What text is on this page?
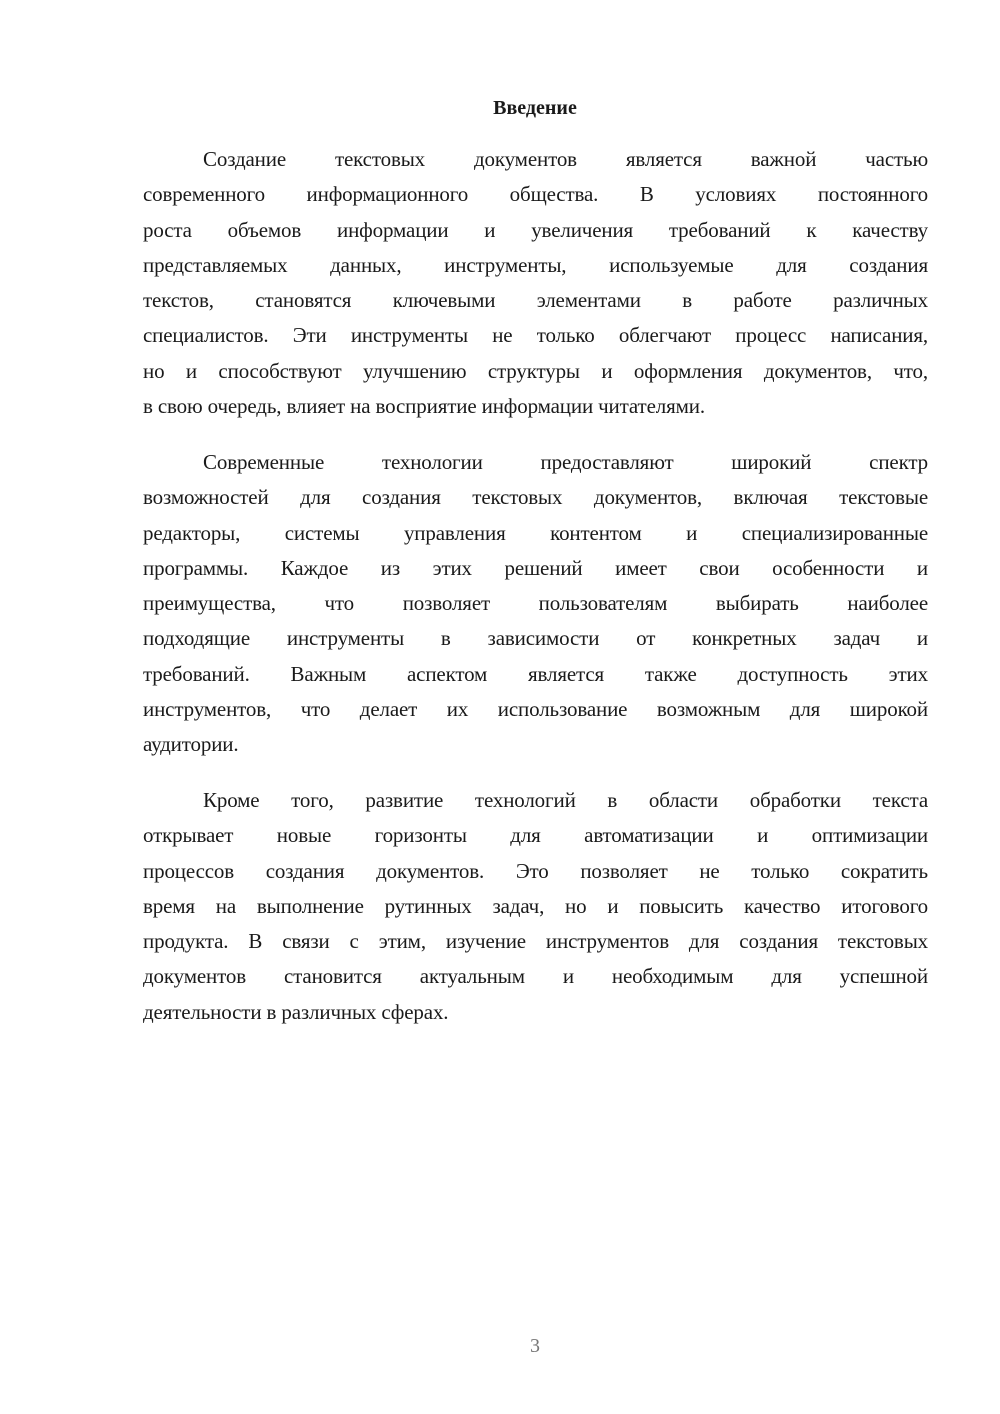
Введение
Создание текстовых документов является важной частью
современного информационного общества. В условиях постоянного
роста объемов информации и увеличения требований к качеству
представляемых данных, инструменты, используемые для создания
текстов, становятся ключевыми элементами в работе различных
специалистов. Эти инструменты не только облегчают процесс написания,
но и способствуют улучшению структуры и оформления документов, что,
в свою очередь, влияет на восприятие информации читателями.
Современные технологии предоставляют широкий спектр
возможностей для создания текстовых документов, включая текстовые
редакторы, системы управления контентом и специализированные
программы. Каждое из этих решений имеет свои особенности и
преимущества, что позволяет пользователям выбирать наиболее
подходящие инструменты в зависимости от конкретных задач и
требований. Важным аспектом является также доступность этих
инструментов, что делает их использование возможным для широкой
аудитории.
Кроме того, развитие технологий в области обработки текста
открывает новые горизонты для автоматизации и оптимизации
процессов создания документов. Это позволяет не только сократить
время на выполнение рутинных задач, но и повысить качество итогового
продукта. В связи с этим, изучение инструментов для создания текстовых
документов становится актуальным и необходимым для успешной
деятельности в различных сферах.
3
